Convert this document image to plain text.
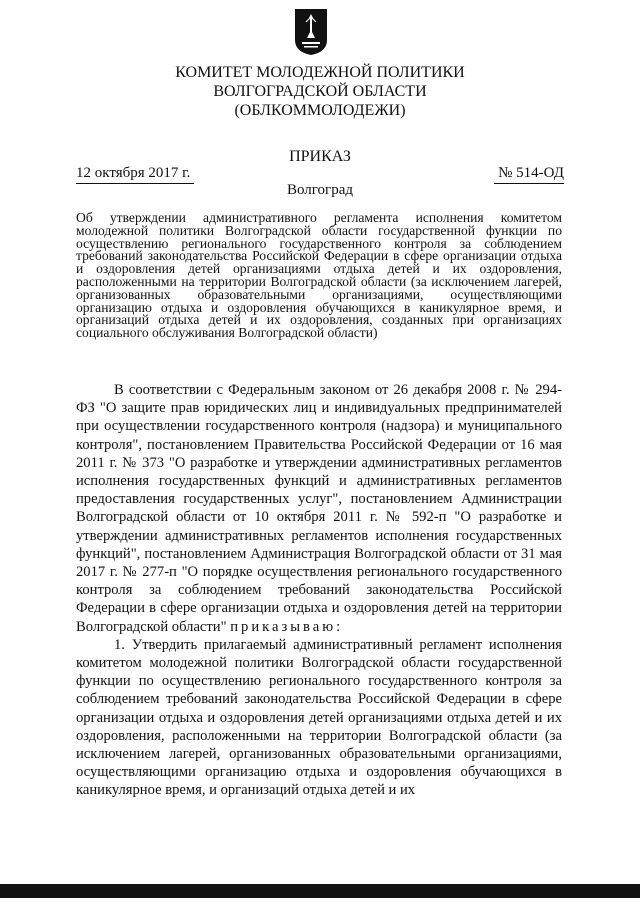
КОМИТЕТ МОЛОДЕЖНОЙ ПОЛИТИКИ
ВОЛГОГРАДСКОЙ ОБЛАСТИ
(ОБЛКОММОЛОДЕЖИ)
ПРИКАЗ
12 октября 2017 г.	№ 514-ОД
Волгоград
Об утверждении административного регламента исполнения комитетом молодежной политики Волгоградской области государственной функции по осуществлению регионального государственного контроля за соблюдением требований законодательства Российской Федерации в сфере организации отдыха и оздоровления детей организациями отдыха детей и их оздоровления, расположенными на территории Волгоградской области (за исключением лагерей, организованных образовательными организациями, осуществляющими организацию отдыха и оздоровления обучающихся в каникулярное время, и организаций отдыха детей и их оздоровления, созданных при организациях социального обслуживания Волгоградской области)

В соответствии с Федеральным законом от 26 декабря 2008 г. № 294-ФЗ "О защите прав юридических лиц и индивидуальных предпринимателей при осуществлении государственного контроля (надзора) и муниципального контроля", постановлением Правительства Российской Федерации от 16 мая 2011 г. № 373 "О разработке и утверждении административных регламентов исполнения государственных функций и административных регламентов предоставления государственных услуг", постановлением Администрации Волгоградской области от 10 октября 2011 г. № 592-п "О разработке и утверждении административных регламентов исполнения государственных функций", постановлением Администрация Волгоградской области от 31 мая 2017 г. № 277-п "О порядке осуществления регионального государственного контроля за соблюдением требований законодательства Российской Федерации в сфере организации отдыха и оздоровления детей на территории Волгоградской области" приказываю:

1. Утвердить прилагаемый административный регламент исполнения комитетом молодежной политики Волгоградской области государственной функции по осуществлению регионального государственного контроля за соблюдением требований законодательства Российской Федерации в сфере организации отдыха и оздоровления детей организациями отдыха детей и их оздоровления, расположенными на территории Волгоградской области (за исключением лагерей, организованных образовательными организациями, осуществляющими организацию отдыха и оздоровления обучающихся в каникулярное время, и организаций отдыха детей и их
